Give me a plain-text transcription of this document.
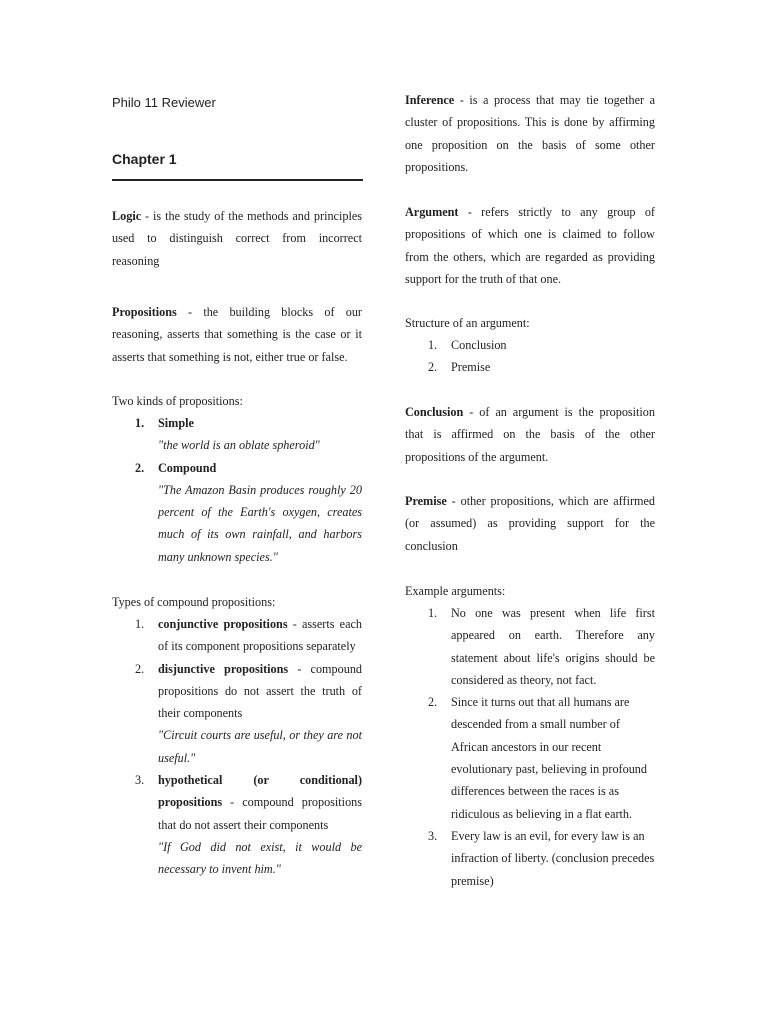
Philo 11 Reviewer
Chapter 1

Logic - is the study of the methods and principles used to distinguish correct from incorrect reasoning

Propositions - the building blocks of our reasoning, asserts that something is the case or it asserts that something is not, either true or false.

Two kinds of propositions:
1. Simple
"the world is an oblate spheroid"
2. Compound
"The Amazon Basin produces roughly 20 percent of the Earth's oxygen, creates much of its own rainfall, and harbors many unknown species."
Types of compound propositions:
1. conjunctive propositions - asserts each of its component propositions separately
2. disjunctive propositions - compound propositions do not assert the truth of their components
"Circuit courts are useful, or they are not useful."
3. hypothetical (or conditional) propositions - compound propositions that do not assert their components
"If God did not exist, it would be necessary to invent him."

Inference - is a process that may tie together a cluster of propositions. This is done by affirming one proposition on the basis of some other propositions.

Argument - refers strictly to any group of propositions of which one is claimed to follow from the others, which are regarded as providing support for the truth of that one.

Structure of an argument:
1. Conclusion
2. Premise

Conclusion - of an argument is the proposition that is affirmed on the basis of the other propositions of the argument.

Premise - other propositions, which are affirmed (or assumed) as providing support for the conclusion

Example arguments:
1. No one was present when life first appeared on earth. Therefore any statement about life's origins should be considered as theory, not fact.
2. Since it turns out that all humans are descended from a small number of African ancestors in our recent evolutionary past, believing in profound differences between the races is as ridiculous as believing in a flat earth.
3. Every law is an evil, for every law is an infraction of liberty. (conclusion precedes premise)
